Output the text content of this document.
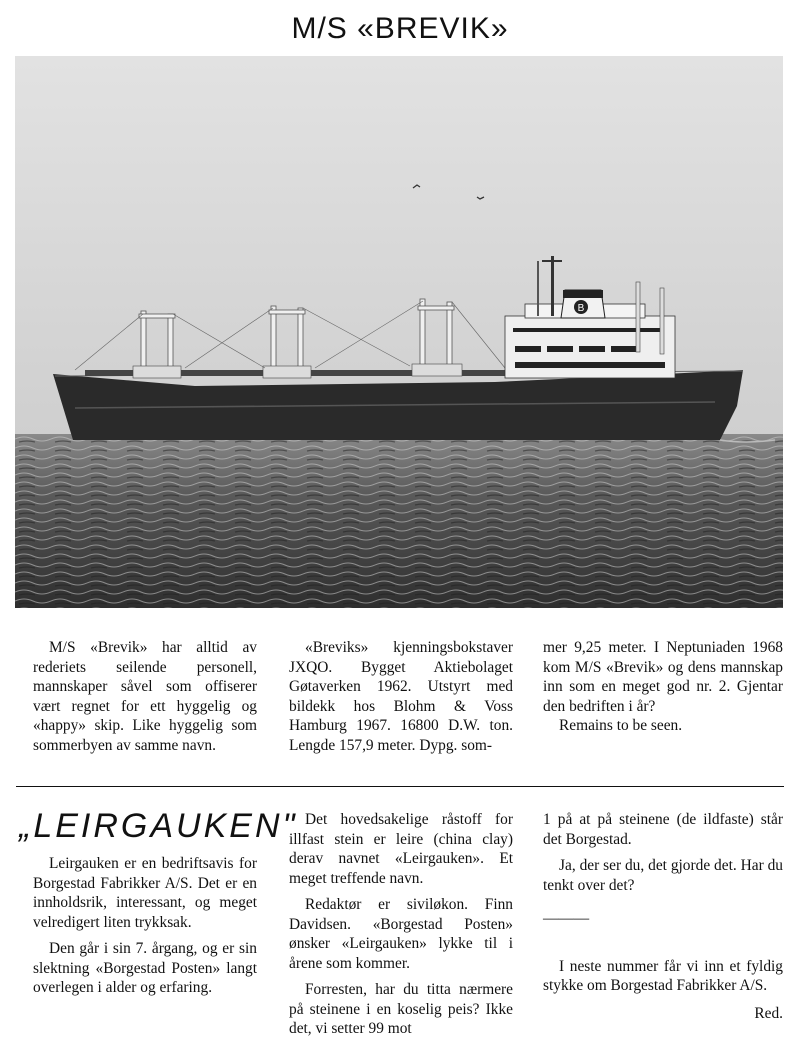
M/S «BREVIK»
B

M/S «Brevik» har alltid av rederiets seilende personell, mannskaper såvel som offiserer vært regnet for ett hyggelig og «happy» skip. Like hyggelig som sommerbyen av samme navn.

«Breviks» kjenningsbokstaver JXQO. Bygget Aktiebolaget Gøtaverken 1962. Utstyrt med bildekk hos Blohm & Voss Hamburg 1967. 16800 D.W. ton. Lengde 157,9 meter. Dypg. som-

mer 9,25 meter. I Neptuniaden 1968 kom M/S «Brevik» og dens mannskap inn som en meget god nr. 2. Gjentar den bedriften i år?

Remains to be seen.

„LEIRGAUKEN"

Leirgauken er en bedriftsavis for Borgestad Fabrikker A/S. Det er en innholdsrik, interessant, og meget velredigert liten trykksak.

Den går i sin 7. årgang, og er sin slektning «Borgestad Posten» langt overlegen i alder og erfaring.

Det hovedsakelige råstoff for illfast stein er leire (china clay) derav navnet «Leirgauken». Et meget treffende navn.

Redaktør er siviløkon. Finn Davidsen. «Borgestad Posten» ønsker «Leirgauken» lykke til i årene som kommer.

Forresten, har du titta nærmere på steinene i en koselig peis? Ikke det, vi setter 99 mot

1 på at på steinene (de ildfaste) står det Borgestad.

Ja, der ser du, det gjorde det. Har du tenkt over det?

———

I neste nummer får vi inn et fyldig stykke om Borgestad Fabrikker A/S.

Red.
